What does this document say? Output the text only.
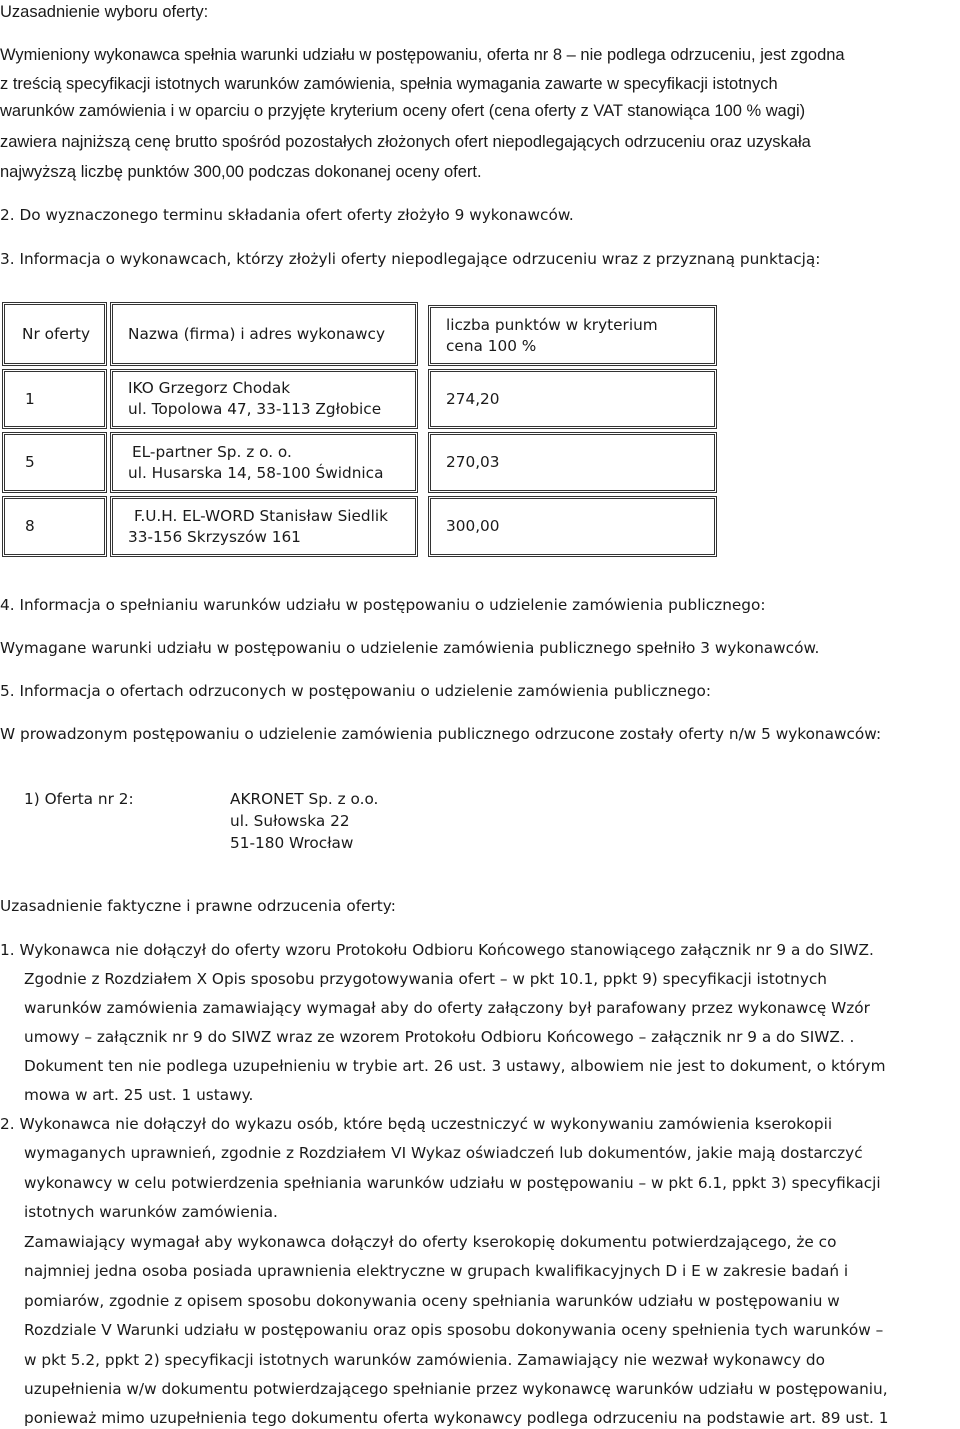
Uzasadnienie wyboru oferty:

Wymieniony wykonawca spełnia warunki udziału w postępowaniu, oferta nr 8 – nie podlega odrzuceniu, jest zgodna

z treścią specyfikacji istotnych warunków zamówienia, spełnia wymagania zawarte w specyfikacji istotnych

warunków zamówienia i w oparciu o przyjęte kryterium oceny ofert (cena oferty z VAT stanowiąca 100 % wagi)

zawiera najniższą cenę brutto spośród pozostałych złożonych ofert niepodlegających odrzuceniu oraz uzyskała

najwyższą liczbę punktów 300,00 podczas dokonanej oceny ofert.

2. Do wyznaczonego terminu składania ofert oferty złożyło 9 wykonawców.

3. Informacja o wykonawcach, którzy złożyli oferty niepodlegające odrzuceniu wraz z przyznaną punktacją:

Nr oferty Nazwa (firma) i adres wykonawcy	liczba punktów w kryterium
cena 100 %
1
IKO Grzegorz Chodak
ul. Topolowa 47, 33-113 Zgłobice
274,20
5
EL-partner Sp. z o. o.
ul. Husarska 14, 58-100 Świdnica
270,03
8
F.U.H. EL-WORD Stanisław Siedlik
33-156 Skrzyszów 161
300,00

4. Informacja o spełnianiu warunków udziału w postępowaniu o udzielenie zamówienia publicznego:

Wymagane warunki udziału w postępowaniu o udzielenie zamówienia publicznego spełniło 3 wykonawców.

5. Informacja o ofertach odrzuconych w postępowaniu o udzielenie zamówienia publicznego:

W prowadzonym postępowaniu o udzielenie zamówienia publicznego odrzucone zostały oferty n/w 5 wykonawców:

1) Oferta nr 2:	AKRONET Sp. z o.o.
ul. Sułowska 22
51-180 Wrocław

Uzasadnienie faktyczne i prawne odrzucenia oferty:

1. Wykonawca nie dołączył do oferty wzoru Protokołu Odbioru Końcowego stanowiącego załącznik nr 9 a do SIWZ.

Zgodnie z Rozdziałem X Opis sposobu przygotowywania ofert – w pkt 10.1, ppkt 9) specyfikacji istotnych

warunków zamówienia zamawiający wymagał aby do oferty załączony był parafowany przez wykonawcę Wzór

umowy – załącznik nr 9 do SIWZ wraz ze wzorem Protokołu Odbioru Końcowego – załącznik nr 9 a do SIWZ. .

Dokument ten nie podlega uzupełnieniu w trybie art. 26 ust. 3 ustawy, albowiem nie jest to dokument, o którym

mowa w art. 25 ust. 1 ustawy.

2. Wykonawca nie dołączył do wykazu osób, które będą uczestniczyć w wykonywaniu zamówienia kserokopii

wymaganych uprawnień, zgodnie z Rozdziałem VI Wykaz oświadczeń lub dokumentów, jakie mają dostarczyć

wykonawcy w celu potwierdzenia spełniania warunków udziału w postępowaniu – w pkt 6.1, ppkt 3) specyfikacji

istotnych warunków zamówienia.

Zamawiający wymagał aby wykonawca dołączył do oferty kserokopię dokumentu potwierdzającego, że co

najmniej jedna osoba posiada uprawnienia elektryczne w grupach kwalifikacyjnych D i E w zakresie badań i

pomiarów, zgodnie z opisem sposobu dokonywania oceny spełniania warunków udziału w postępowaniu w

Rozdziale V Warunki udziału w postępowaniu oraz opis sposobu dokonywania oceny spełnienia tych warunków –

w pkt 5.2, ppkt 2) specyfikacji istotnych warunków zamówienia. Zamawiający nie wezwał wykonawcy do

uzupełnienia w/w dokumentu potwierdzającego spełnianie przez wykonawcę warunków udziału w postępowaniu,

ponieważ mimo uzupełnienia tego dokumentu oferta wykonawcy podlega odrzuceniu na podstawie art. 89 ust. 1
